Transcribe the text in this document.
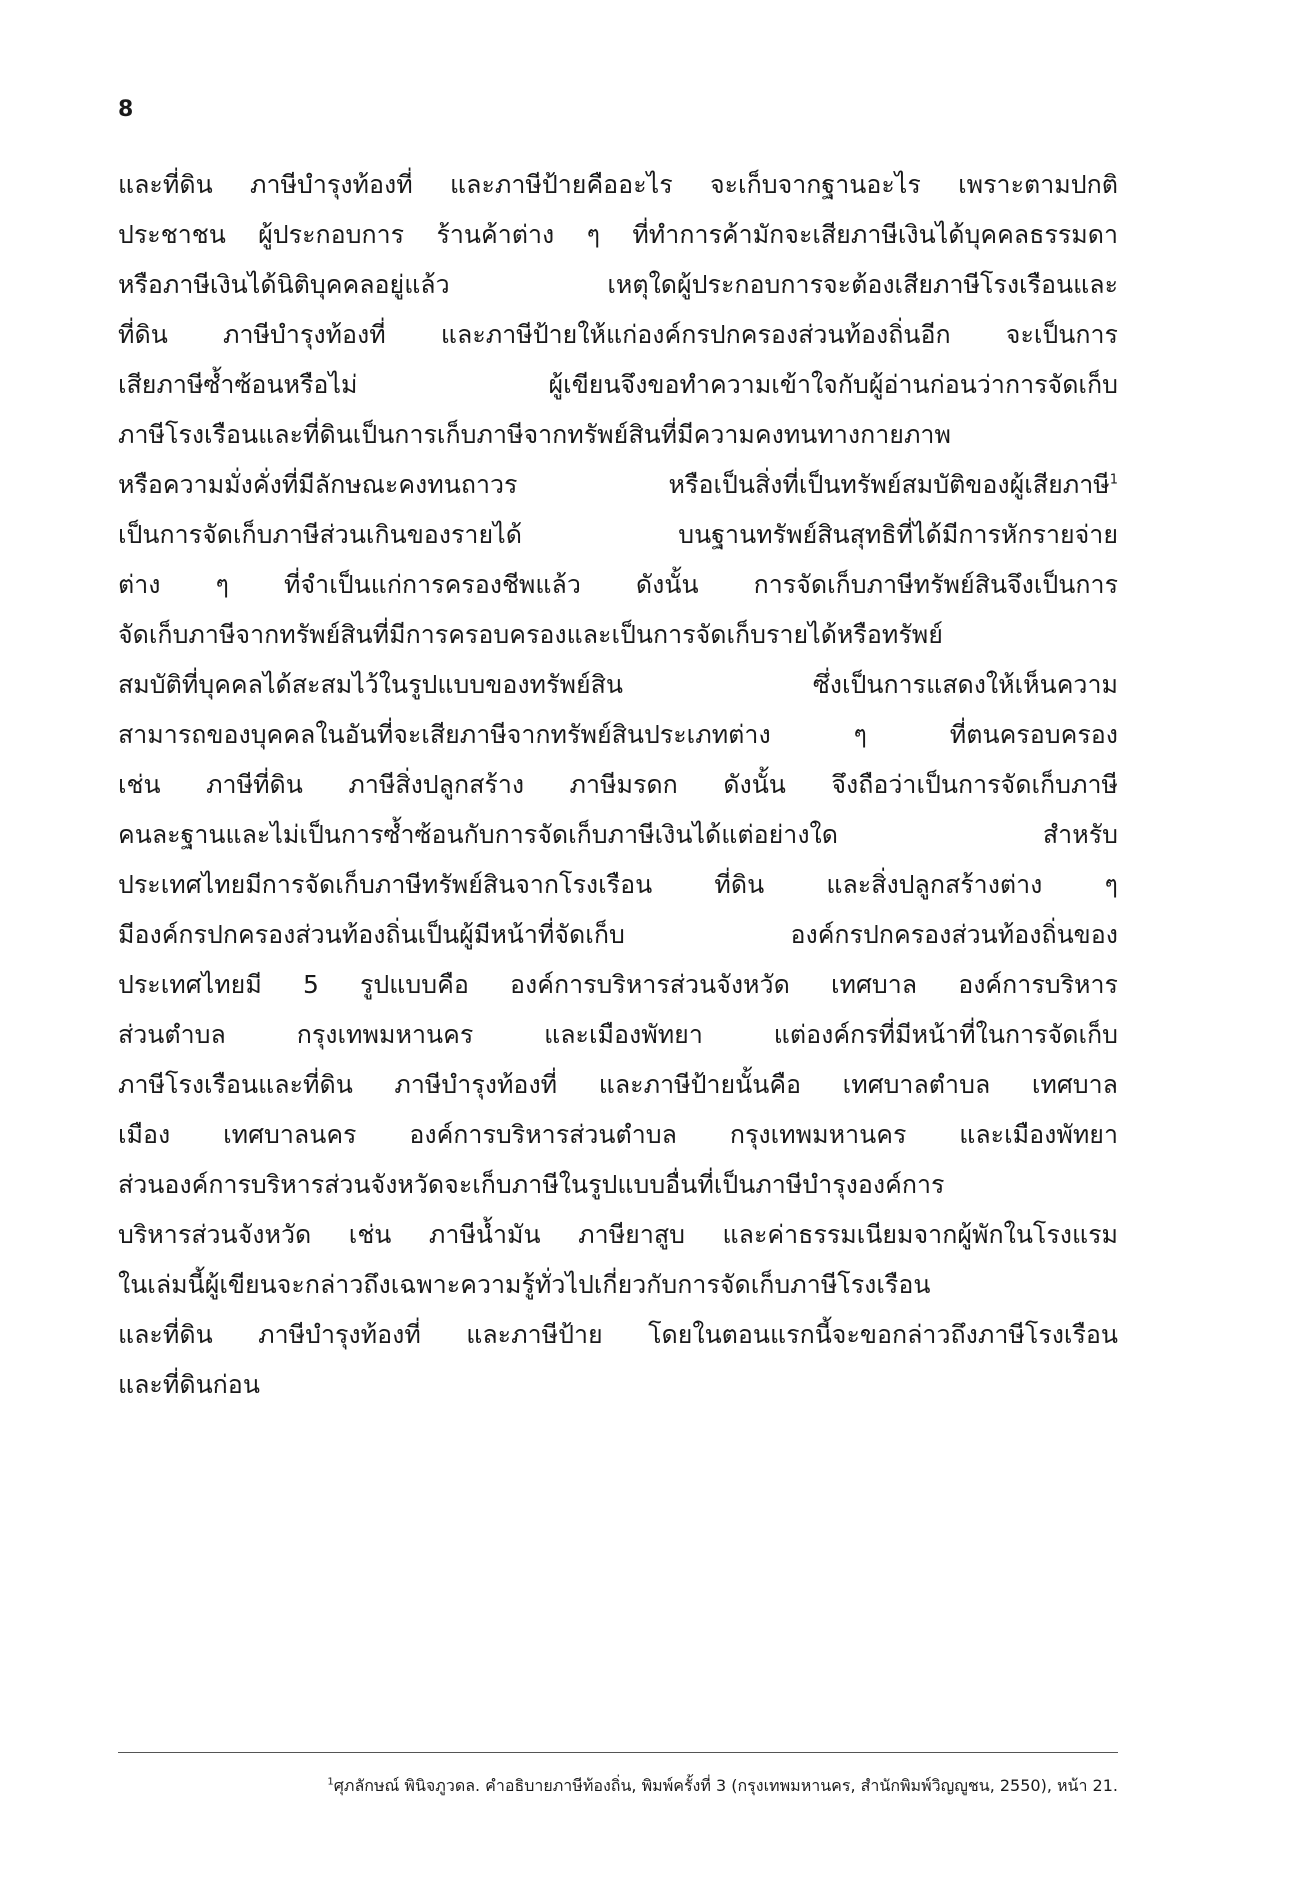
8
และที่ดิน ภาษีบำรุงท้องที่ และภาษีป้ายคืออะไร จะเก็บจากฐานอะไร เพราะตามปกติ
ประชาชน ผู้ประกอบการ ร้านค้าต่าง ๆ ที่ทำการค้ามักจะเสียภาษีเงินได้บุคคลธรรมดา
หรือภาษีเงินได้นิติบุคคลอยู่แล้ว เหตุใดผู้ประกอบการจะต้องเสียภาษีโรงเรือนและ
ที่ดิน ภาษีบำรุงท้องที่ และภาษีป้ายให้แก่องค์กรปกครองส่วนท้องถิ่นอีก จะเป็นการ
เสียภาษีซ้ำซ้อนหรือไม่ ผู้เขียนจึงขอทำความเข้าใจกับผู้อ่านก่อนว่าการจัดเก็บ
ภาษีโรงเรือนและที่ดินเป็นการเก็บภาษีจากทรัพย์สินที่มีความคงทนทางกายภาพ
หรือความมั่งคั่งที่มีลักษณะคงทนถาวร หรือเป็นสิ่งที่เป็นทรัพย์สมบัติของผู้เสียภาษี$^1$
เป็นการจัดเก็บภาษีส่วนเกินของรายได้ บนฐานทรัพย์สินสุทธิที่ได้มีการหักรายจ่าย
ต่าง ๆ ที่จำเป็นแก่การครองชีพแล้ว ดังนั้น การจัดเก็บภาษีทรัพย์สินจึงเป็นการ
จัดเก็บภาษีจากทรัพย์สินที่มีการครอบครองและเป็นการจัดเก็บรายได้หรือทรัพย์
สมบัติที่บุคคลได้สะสมไว้ในรูปแบบของทรัพย์สิน ซึ่งเป็นการแสดงให้เห็นความ
สามารถของบุคคลในอันที่จะเสียภาษีจากทรัพย์สินประเภทต่าง ๆ ที่ตนครอบครอง
เช่น ภาษีที่ดิน ภาษีสิ่งปลูกสร้าง ภาษีมรดก ดังนั้น จึงถือว่าเป็นการจัดเก็บภาษี
คนละฐานและไม่เป็นการซ้ำซ้อนกับการจัดเก็บภาษีเงินได้แต่อย่างใด สำหรับ
ประเทศไทยมีการจัดเก็บภาษีทรัพย์สินจากโรงเรือน ที่ดิน และสิ่งปลูกสร้างต่าง ๆ
มีองค์กรปกครองส่วนท้องถิ่นเป็นผู้มีหน้าที่จัดเก็บ องค์กรปกครองส่วนท้องถิ่นของ
ประเทศไทยมี 5 รูปแบบคือ องค์การบริหารส่วนจังหวัด เทศบาล องค์การบริหาร
ส่วนตำบล กรุงเทพมหานคร และเมืองพัทยา แต่องค์กรที่มีหน้าที่ในการจัดเก็บ
ภาษีโรงเรือนและที่ดิน ภาษีบำรุงท้องที่ และภาษีป้ายนั้นคือ เทศบาลตำบล เทศบาล
เมือง เทศบาลนคร องค์การบริหารส่วนตำบล กรุงเทพมหานคร และเมืองพัทยา
ส่วนองค์การบริหารส่วนจังหวัดจะเก็บภาษีในรูปแบบอื่นที่เป็นภาษีบำรุงองค์การ
บริหารส่วนจังหวัด เช่น ภาษีน้ำมัน ภาษียาสูบ และค่าธรรมเนียมจากผู้พักในโรงแรม
ในเล่มนี้ผู้เขียนจะกล่าวถึงเฉพาะความรู้ทั่วไปเกี่ยวกับการจัดเก็บภาษีโรงเรือน
และที่ดิน ภาษีบำรุงท้องที่ และภาษีป้าย โดยในตอนแรกนี้จะขอกล่าวถึงภาษีโรงเรือน
และที่ดินก่อน
$^1$ศุภลักษณ์ พินิจภูวดล. คำอธิบายภาษีท้องถิ่น, พิมพ์ครั้งที่ 3 (กรุงเทพมหานคร, สำนักพิมพ์วิญญูชน, 2550), หน้า 21.
